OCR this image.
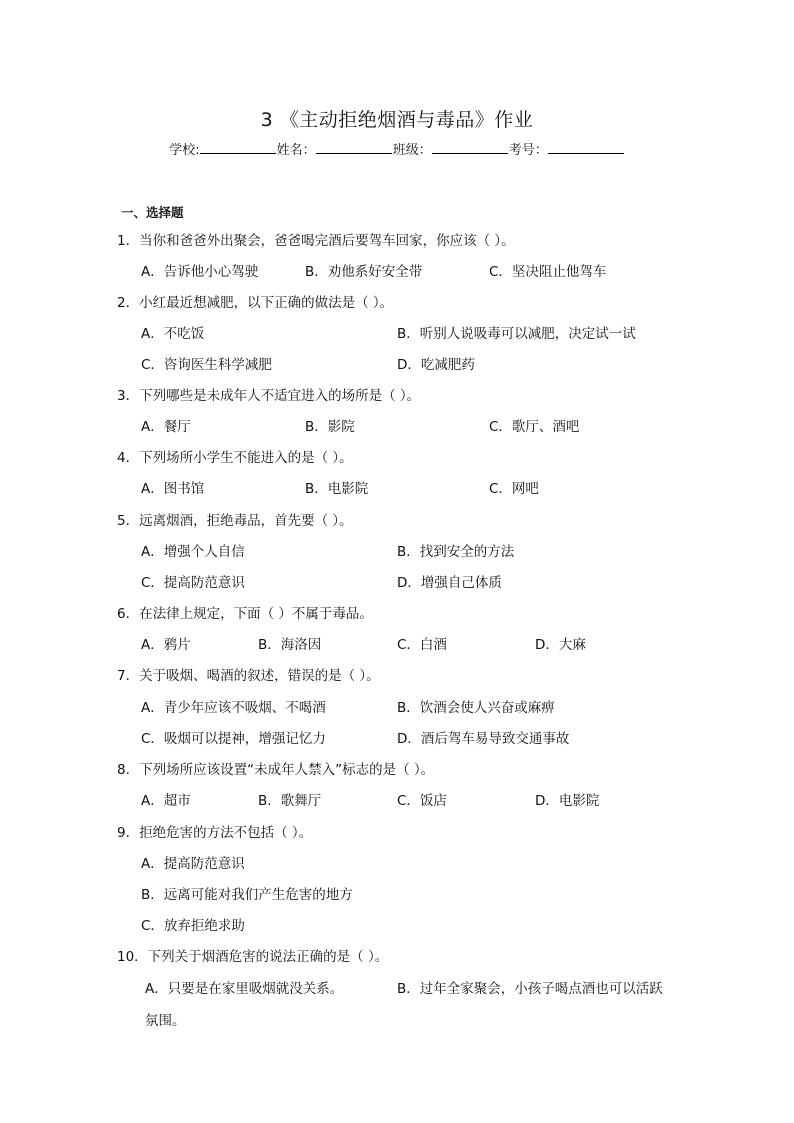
3 《主动拒绝烟酒与毒品》作业
学校:	姓名：	班级：	考号：
一、选择题
1．当你和爸爸外出聚会，爸爸喝完酒后要驾车回家，你应该（ ）。
A．告诉他小心驾驶	B．劝他系好安全带	C．坚决阻止他驾车
2．小红最近想减肥，以下正确的做法是（ ）。
A．不吃饭	B．听别人说吸毒可以减肥，决定试一试
C．咨询医生科学减肥	D．吃减肥药
3．下列哪些是未成年人不适宜进入的场所是（ ）。
A．餐厅	B．影院	C．歌厅、酒吧
4．下列场所小学生不能进入的是（ ）。
A．图书馆	B．电影院	C．网吧
5．远离烟酒，拒绝毒品，首先要（ ）。
A．增强个人自信	B．找到安全的方法
C．提高防范意识	D．增强自己体质
6．在法律上规定，下面（ ）不属于毒品。
A．鸦片	B．海洛因	C．白酒	D．大麻
7．关于吸烟、喝酒的叙述，错误的是（ ）。
A．青少年应该不吸烟、不喝酒	B．饮酒会使人兴奋或麻痹
C．吸烟可以提神，增强记忆力	D．酒后驾车易导致交通事故
8．下列场所应该设置“未成年人禁入”标志的是（ ）。
A．超市	B．歌舞厅	C．饭店	D．电影院
9．拒绝危害的方法不包括（ ）。
A．提高防范意识
B．远离可能对我们产生危害的地方
C．放弃拒绝求助
10．下列关于烟酒危害的说法正确的是（ ）。
A．只要是在家里吸烟就没关系。	B．过年全家聚会，小孩子喝点酒也可以活跃
氛围。
